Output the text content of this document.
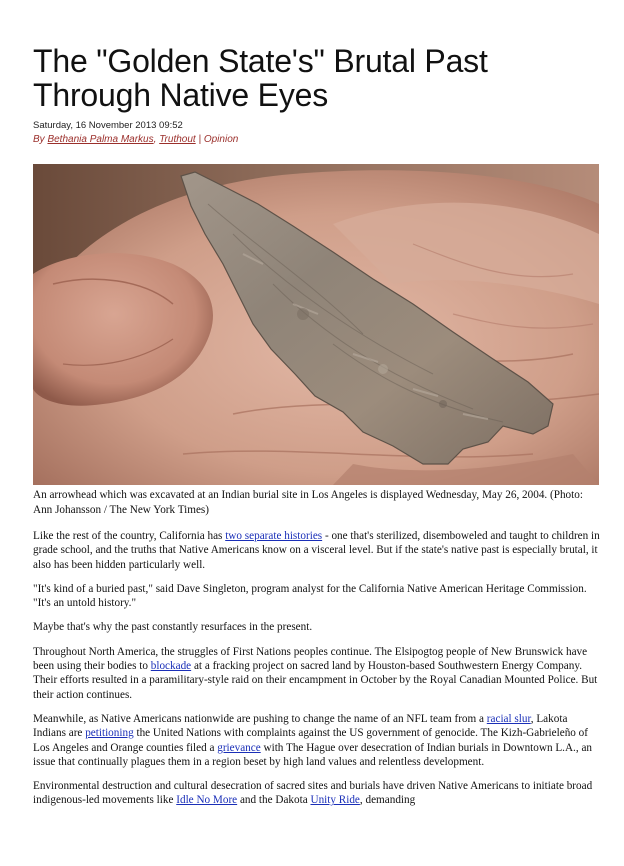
The "Golden State's" Brutal Past Through Native Eyes
Saturday, 16 November 2013 09:52
By Bethania Palma Markus, Truthout | Opinion
An arrowhead which was excavated at an Indian burial site in Los Angeles is displayed Wednesday, May 26, 2004. (Photo: Ann Johansson / The New York Times)

Like the rest of the country, California has two separate histories - one that's sterilized, disemboweled and taught to children in grade school, and the truths that Native Americans know on a visceral level. But if the state's native past is especially brutal, it also has been hidden particularly well.

"It's kind of a buried past," said Dave Singleton, program analyst for the California Native American Heritage Commission. "It's an untold history."

Maybe that's why the past constantly resurfaces in the present.

Throughout North America, the struggles of First Nations peoples continue. The Elsipogtog people of New Brunswick have been using their bodies to blockade at a fracking project on sacred land by Houston-based Southwestern Energy Company. Their efforts resulted in a paramilitary-style raid on their encampment in October by the Royal Canadian Mounted Police. But their action continues.

Meanwhile, as Native Americans nationwide are pushing to change the name of an NFL team from a racial slur, Lakota Indians are petitioning the United Nations with complaints against the US government of genocide. The Kizh-Gabrieleño of Los Angeles and Orange counties filed a grievance with The Hague over desecration of Indian burials in Downtown L.A., an issue that continually plagues them in a region beset by high land values and relentless development.

Environmental destruction and cultural desecration of sacred sites and burials have driven Native Americans to initiate broad indigenous-led movements like Idle No More and the Dakota Unity Ride, demanding
